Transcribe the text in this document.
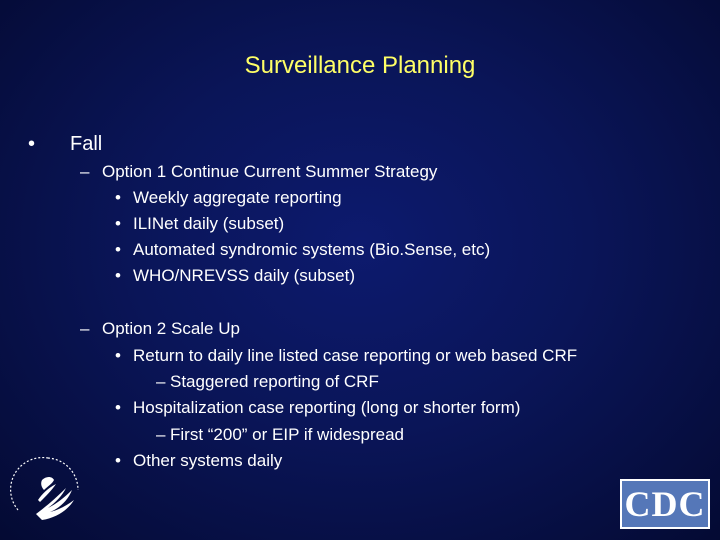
Surveillance Planning
• Fall
– Option 1 Continue Current Summer Strategy
• Weekly aggregate reporting
• ILINet daily (subset)
• Automated syndromic systems (Bio.Sense, etc)
• WHO/NREVSS daily (subset)
– Option 2 Scale Up
• Return to daily line listed case reporting or web based CRF
– Staggered reporting of CRF
• Hospitalization case reporting (long or shorter form)
– First “200” or EIP if widespread
• Other systems daily
CDC
